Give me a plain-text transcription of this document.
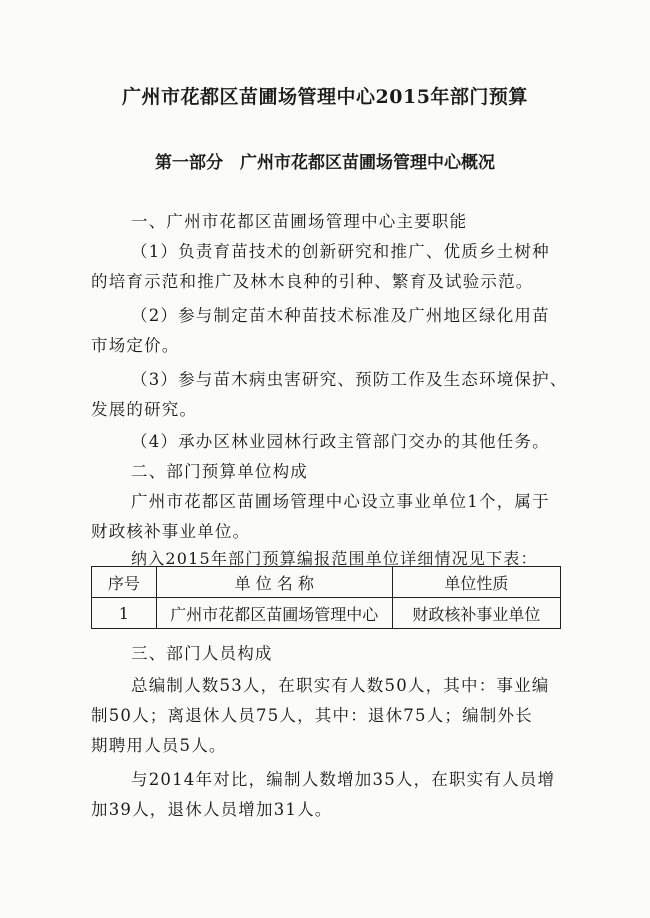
广州市花都区苗圃场管理中心2015年部门预算
第一部分　广州市花都区苗圃场管理中心概况
一、广州市花都区苗圃场管理中心主要职能
（1）负责育苗技术的创新研究和推广、优质乡土树种
的培育示范和推广及林木良种的引种、繁育及试验示范。
（2）参与制定苗木种苗技术标准及广州地区绿化用苗
市场定价。
（3）参与苗木病虫害研究、预防工作及生态环境保护、
发展的研究。
（4）承办区林业园林行政主管部门交办的其他任务。
二、部门预算单位构成
广州市花都区苗圃场管理中心设立事业单位1个，属于
财政核补事业单位。
纳入2015年部门预算编报范围单位详细情况见下表：
序号	单 位 名 称	单位性质
1	广州市花都区苗圃场管理中心	财政核补事业单位
三、部门人员构成
总编制人数53人，在职实有人数50人，其中：事业编
制50人；离退休人员75人，其中：退休75人；编制外长
期聘用人员5人。
与2014年对比，编制人数增加35人，在职实有人员增
加39人，退休人员增加31人。
